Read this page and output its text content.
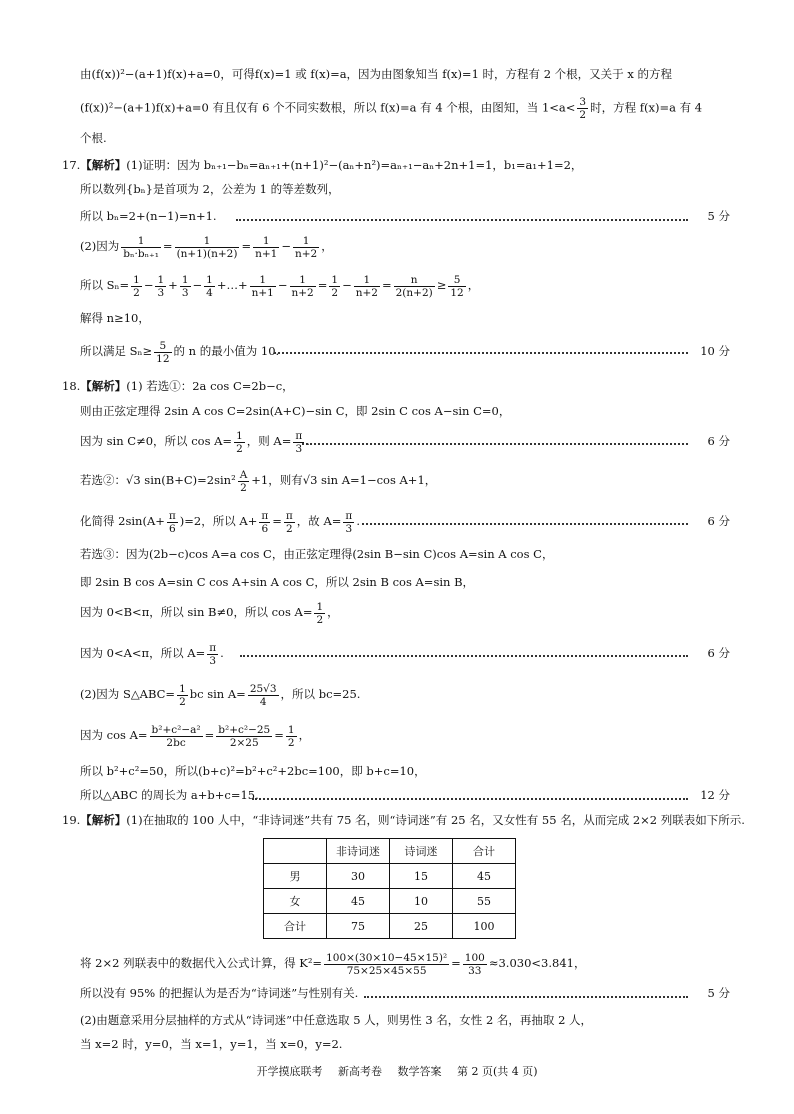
由(f(x))²−(a+1)f(x)+a=0，可得f(x)=1 或 f(x)=a，因为由图象知当 f(x)=1 时，方程有 2 个根，又关于 x 的方程
(f(x))²−(a+1)f(x)+a=0 有且仅有 6 个不同实数根，所以 f(x)=a 有 4 个根，由图知，当 $1<a< \frac{3}{2}$ 时，方程 f(x)=a 有 4
个根.
17.【解析】(1)证明：因为 bₙ₊₁−bₙ=aₙ₊₁+(n+1)²−(aₙ+n²)=aₙ₊₁−aₙ+2n+1=1，b₁=a₁+1=2，
所以数列{bₙ}是首项为 2，公差为 1 的等差数列，
所以 bₙ=2+(n−1)=n+1.	5 分
(2)因为 $\frac{1}{\text{bₙ·bₙ₊₁}} = \frac{1}{(n+1)(n+2)} = \frac{1}{n+1} - \frac{1}{n+2}$ ，
所以 $S_n= \frac{1}{2} - \frac{1}{3} + \frac{1}{3} - \frac{1}{4}$ +…+ $\frac{1}{n+1} - \frac{1}{n+2} = \frac{1}{2} - \frac{1}{n+2} = \frac{n}{2(n+2)} \ge \frac{5}{12}$ ，
解得 n≥10，
所以满足 $S_n\ge \frac{5}{12}$ 的 n 的最小值为 10.	10 分
18.【解析】(1) 若选①：2a cos C=2b−c，
则由正弦定理得 2sin A cos C=2sin(A+C)−sin C，即 2sin C cos A−sin C=0，
因为 sin C≠0，所以 $\cos A= \frac{1}{2}$ ，则 $A= \frac{\pi}{3}$ .	6 分
若选②：√3 $\sin(B+C)=2\sin^2 \frac{A}{2} +1$，则有√3 sin A=1−cos A+1，
化简得 $2\sin(A+ \frac{\pi}{6} )=2$，所以 $A+ \frac{\pi}{6} = \frac{\pi}{2}$ ，故 $A= \frac{\pi}{3}$ .	6 分
若选③：因为(2b−c)cos A=a cos C，由正弦定理得(2sin B−sin C)cos A=sin A cos C，
即 2sin B cos A=sin C cos A+sin A cos C，所以 2sin B cos A=sin B，
因为 0<B<π，所以 sin B≠0，所以 $\cos A= \frac{1}{2}$ ，
因为 0<A<π，所以 $A= \frac{\pi}{3}$ .	6 分
(2)因为 S△ABC= $\frac{1}{2}$ bc $\sin A= \frac{25√3}{4}$ ，所以 bc=25.
因为 $\cos A= \frac{\text{b²+c²−a²}}{2bc} = \frac{\text{b²+c²−25}}{2\times 25} = \frac{1}{2}$ ，
所以 b²+c²=50，所以(b+c)²=b²+c²+2bc=100，即 b+c=10，
所以△ABC 的周长为 a+b+c=15.	12 分
19.【解析】(1)在抽取的 100 人中，“非诗词迷”共有 75 名，则“诗词迷”有 25 名，又女性有 55 名，从而完成 2×2 列联表如下所示.
	非诗词迷	诗词迷	合计
男	30	15	45
女	45	10	55
合计	75	25	100
将 2×2 列联表中的数据代入公式计算，得 $K^2= \frac{\text{100×(30×10−45×15)²}}{75\times 25\times 45\times 55} = \frac{100}{33} \approx 3.030<3.841$，
所以没有 95% 的把握认为是否为“诗词迷”与性别有关.	5 分
(2)由题意采用分层抽样的方式从“诗词迷”中任意选取 5 人，则男性 3 名，女性 2 名，再抽取 2 人，
当 x=2 时，y=0，当 x=1，y=1，当 x=0，y=2.
开学摸底联考 新高考卷 数学答案 第 2 页(共 4 页)
